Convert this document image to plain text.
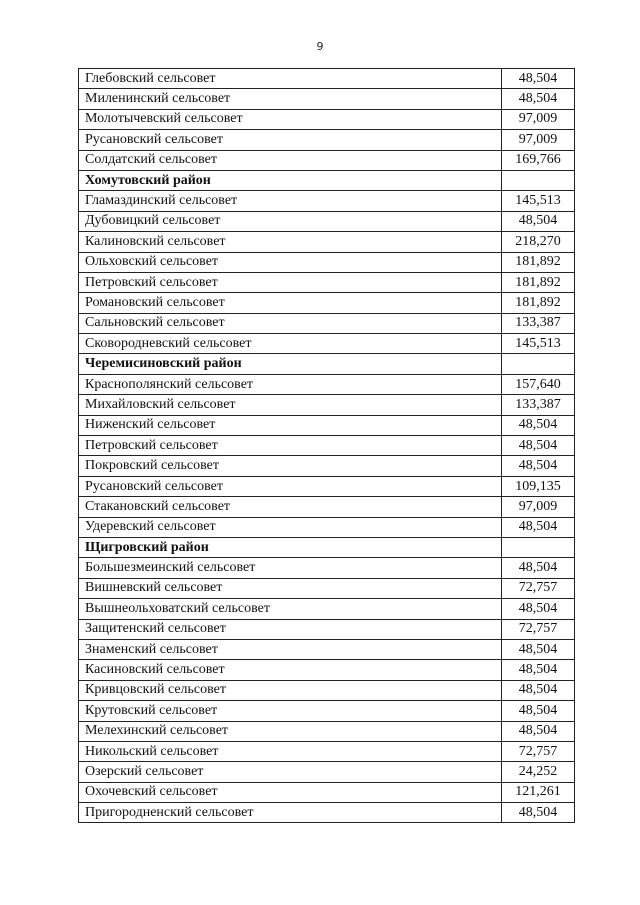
9
Глебовский сельсовет	48,504
Миленинский сельсовет	48,504
Молотычевский сельсовет	97,009
Русановский сельсовет	97,009
Солдатский сельсовет	169,766
Хомутовский район	
Гламаздинский сельсовет	145,513
Дубовицкий сельсовет	48,504
Калиновский сельсовет	218,270
Ольховский сельсовет	181,892
Петровский сельсовет	181,892
Романовский сельсовет	181,892
Сальновский сельсовет	133,387
Сковородневский сельсовет	145,513
Черемисиновский район	
Краснополянский сельсовет	157,640
Михайловский сельсовет	133,387
Ниженский сельсовет	48,504
Петровский сельсовет	48,504
Покровский сельсовет	48,504
Русановский сельсовет	109,135
Стакановский сельсовет	97,009
Удеревский сельсовет	48,504
Щигровский район	
Большезмеинский сельсовет	48,504
Вишневский сельсовет	72,757
Вышнеольховатский сельсовет	48,504
Защитенский сельсовет	72,757
Знаменский сельсовет	48,504
Касиновский сельсовет	48,504
Кривцовский сельсовет	48,504
Крутовский сельсовет	48,504
Мелехинский сельсовет	48,504
Никольский сельсовет	72,757
Озерский сельсовет	24,252
Охочевский сельсовет	121,261
Пригородненский сельсовет	48,504
